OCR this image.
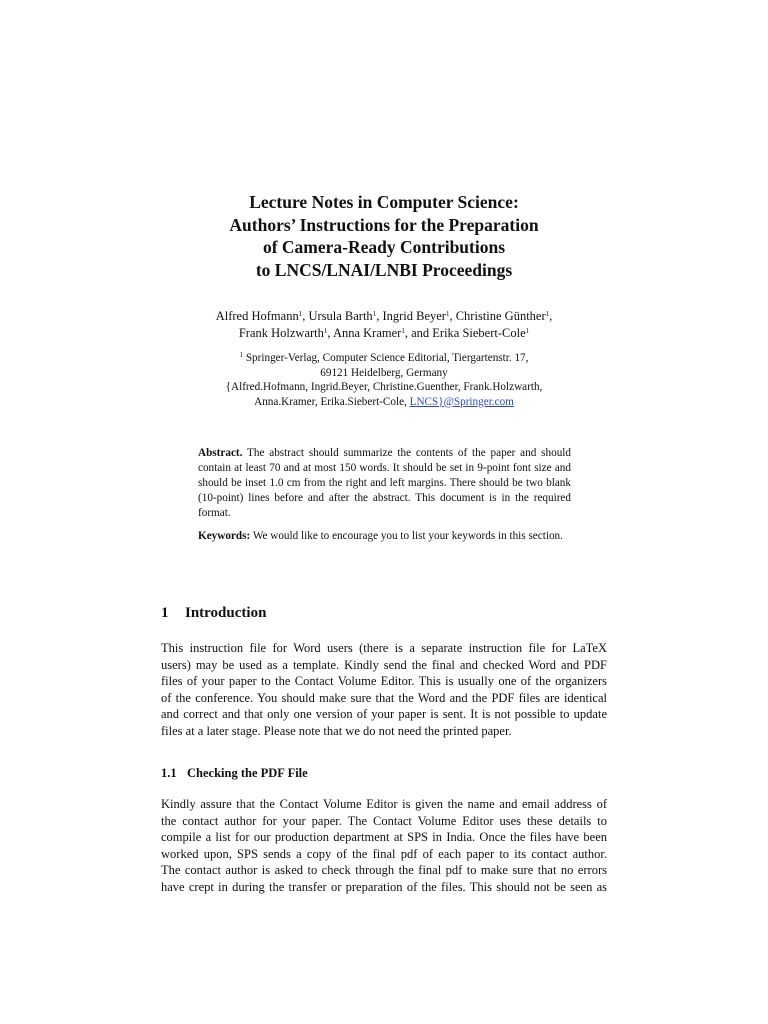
Lecture Notes in Computer Science:
Authors’ Instructions for the Preparation
of Camera-Ready Contributions
to LNCS/LNAI/LNBI Proceedings
Alfred Hofmann$^1$, Ursula Barth$^1$, Ingrid Beyer$^1$, Christine Günther$^1$,
Frank Holzwarth$^1$, Anna Kramer$^1$, and Erika Siebert-Cole$^1$
$^1$ Springer-Verlag, Computer Science Editorial, Tiergartenstr. 17,
69121 Heidelberg, Germany
{Alfred.Hofmann, Ingrid.Beyer, Christine.Guenther, Frank.Holzwarth,
Anna.Kramer, Erika.Siebert-Cole, LNCS}@Springer.com

Abstract. The abstract should summarize the contents of the paper and should contain at least 70 and at most 150 words. It should be set in 9-point font size and should be inset 1.0 cm from the right and left margins. There should be two blank (10-point) lines before and after the abstract. This document is in the required format.

Keywords: We would like to encourage you to list your keywords in this section.

1 Introduction

This instruction file for Word users (there is a separate instruction file for LaTeX

users) may be used as a template. Kindly send the final and checked Word and PDF

files of your paper to the Contact Volume Editor. This is usually one of the organizers

of the conference. You should make sure that the Word and the PDF files are identical

and correct and that only one version of your paper is sent. It is not possible to update

files at a later stage. Please note that we do not need the printed paper.

1.1 Checking the PDF File

Kindly assure that the Contact Volume Editor is given the name and email address of

the contact author for your paper. The Contact Volume Editor uses these details to

compile a list for our production department at SPS in India. Once the files have been

worked upon, SPS sends a copy of the final pdf of each paper to its contact author.

The contact author is asked to check through the final pdf to make sure that no errors

have crept in during the transfer or preparation of the files. This should not be seen as
